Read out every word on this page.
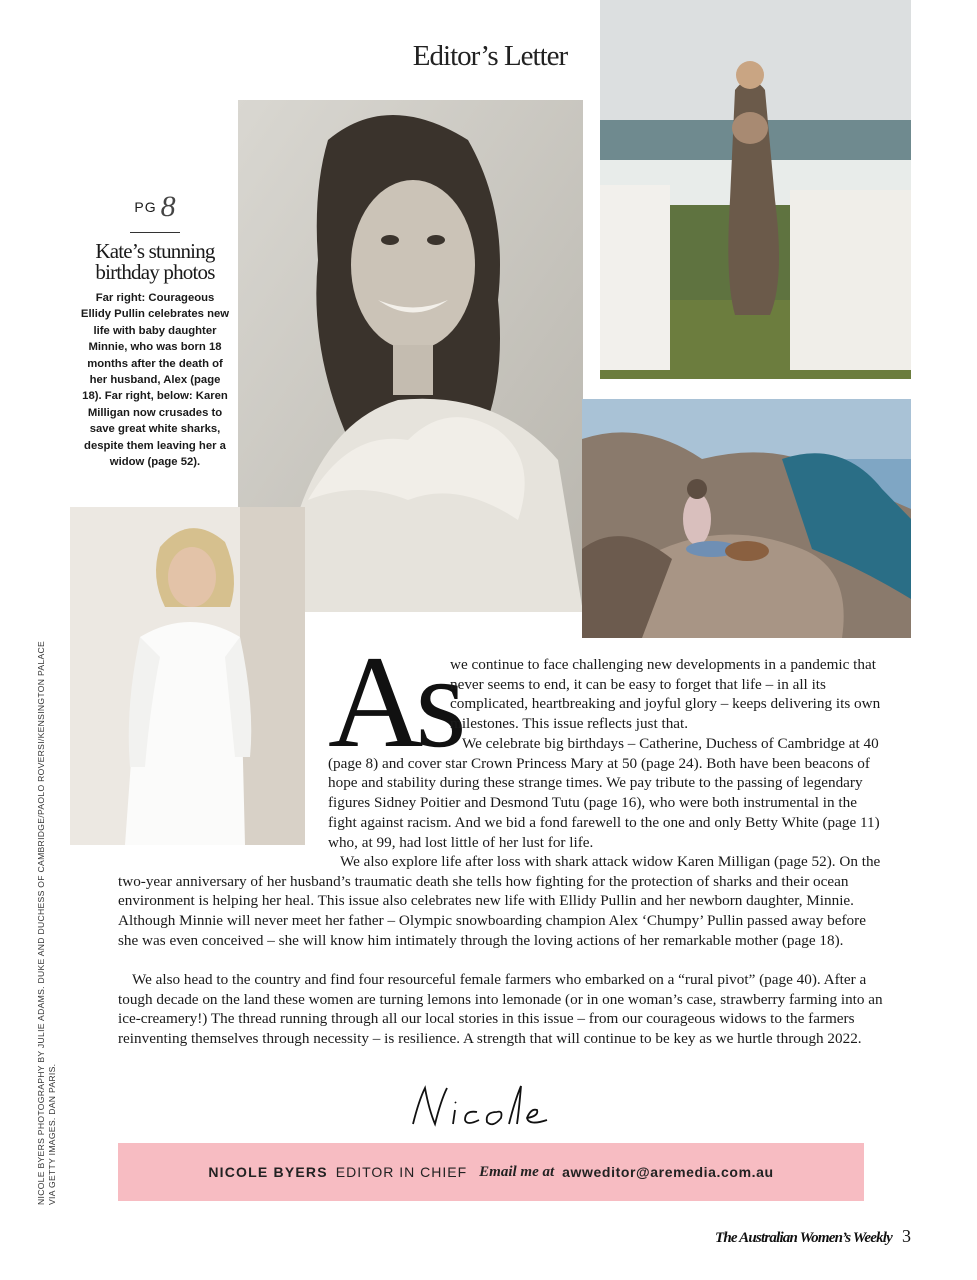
Editor’s Letter
PG 8
Kate’s stunning
birthday photos
Far right: Courageous Ellidy Pullin celebrates new life with baby daughter Minnie, who was born 18 months after the death of her husband, Alex (page 18). Far right, below: Karen Milligan now crusades to save great white sharks, despite them leaving her a widow (page 52).
NICOLE BYERS PHOTOGRAPHY BY JULIE ADAMS. DUKE AND DUCHESS OF CAMBRIDGE/PAOLO ROVERSI/KENSINGTON PALACE VIA GETTY IMAGES. DAN PARIS.
As
we continue to face challenging new developments in a pandemic that never seems to end, it can be easy to forget that life – in all its complicated, heartbreaking and joyful glory – keeps delivering its own milestones. This issue reflects just that.
We celebrate big birthdays – Catherine, Duchess of Cambridge at 40 (page 8) and cover star Crown Princess Mary at 50 (page 24). Both have been beacons of hope and stability during these strange times. We pay tribute to the passing of legendary figures Sidney Poitier and Desmond Tutu (page 16), who were both instrumental in the fight against racism. And we bid a fond farewell to the one and only Betty White (page 11) who, at 99, had lost little of her lust for life.
We also explore life after loss with shark attack widow Karen Milligan (page 52). On the two-year anniversary of her husband’s traumatic death she tells how fighting for the protection of sharks and their ocean environment is helping her heal. This issue also celebrates new life with Ellidy Pullin and her newborn daughter, Minnie. Although Minnie will never meet her father – Olympic snowboarding champion Alex ‘Chumpy’ Pullin passed away before she was even conceived – she will know him intimately through the loving actions of her remarkable mother (page 18).
We also head to the country and find four resourceful female farmers who embarked on a “rural pivot” (page 40). After a tough decade on the land these women are turning lemons into lemonade (or in one woman’s case, strawberry farming into an ice-creamery!) The thread running through all our local stories in this issue – from our courageous widows to the farmers reinventing themselves through necessity – is resilience. A strength that will continue to be key as we hurtle through 2022.
NICOLE BYERS EDITOR IN CHIEF Email me at awweditor@aremedia.com.au
The Australian Women’s Weekly 3
